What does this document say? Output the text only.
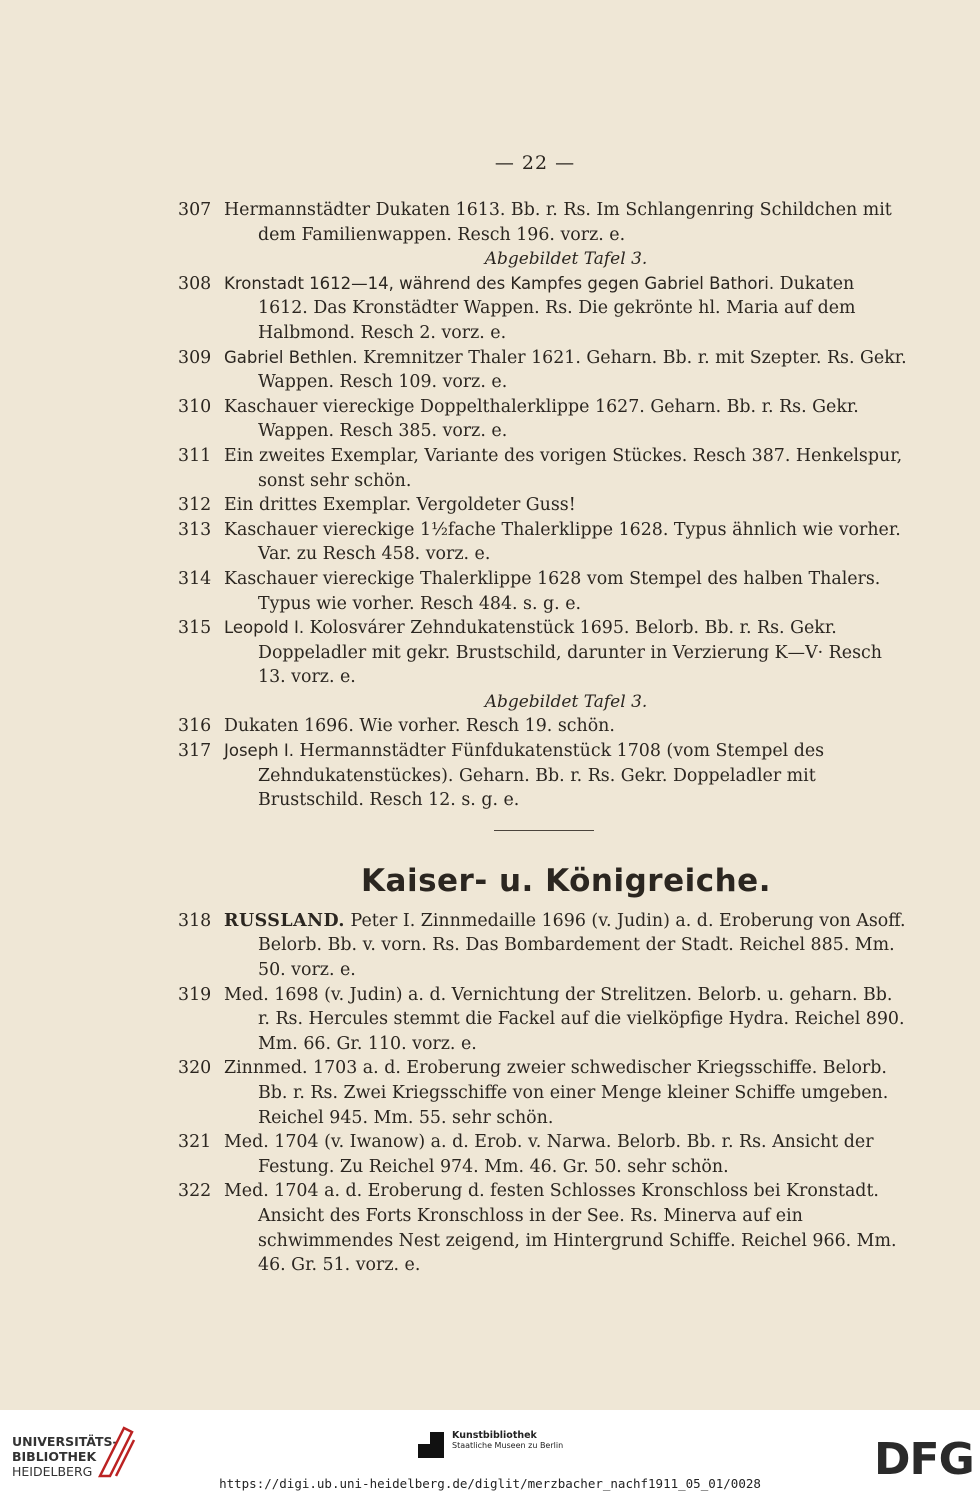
— 22 —
307 Hermannstädter Dukaten 1613. Bb. r. Rs. Im Schlangenring Schildchen mit dem Familienwappen. Resch 196. vorz. e.
Abgebildet Tafel 3.
308 Kronstadt 1612—14, während des Kampfes gegen Gabriel Bathori. Dukaten 1612. Das Kronstädter Wappen. Rs. Die gekrönte hl. Maria auf dem Halbmond. Resch 2. vorz. e.
309 Gabriel Bethlen. Kremnitzer Thaler 1621. Geharn. Bb. r. mit Szepter. Rs. Gekr. Wappen. Resch 109. vorz. e.
310 Kaschauer viereckige Doppelthalerklippe 1627. Geharn. Bb. r. Rs. Gekr. Wappen. Resch 385. vorz. e.
311 Ein zweites Exemplar, Variante des vorigen Stückes. Resch 387. Henkelspur, sonst sehr schön.
312 Ein drittes Exemplar. Vergoldeter Guss!
313 Kaschauer viereckige 1½fache Thalerklippe 1628. Typus ähnlich wie vorher. Var. zu Resch 458. vorz. e.
314 Kaschauer viereckige Thalerklippe 1628 vom Stempel des halben Thalers. Typus wie vorher. Resch 484. s. g. e.
315 Leopold I. Kolosvárer Zehndukatenstück 1695. Belorb. Bb. r. Rs. Gekr. Doppeladler mit gekr. Brustschild, darunter in Verzierung K—V· Resch 13. vorz. e.
Abgebildet Tafel 3.
316 Dukaten 1696. Wie vorher. Resch 19. schön.
317 Joseph I. Hermannstädter Fünfdukatenstück 1708 (vom Stempel des Zehndukatenstückes). Geharn. Bb. r. Rs. Gekr. Doppeladler mit Brustschild. Resch 12. s. g. e.
Kaiser- u. Königreiche.
318 RUSSLAND. Peter I. Zinnmedaille 1696 (v. Judin) a. d. Eroberung von Asoff. Belorb. Bb. v. vorn. Rs. Das Bombardement der Stadt. Reichel 885. Mm. 50. vorz. e.
319 Med. 1698 (v. Judin) a. d. Vernichtung der Strelitzen. Belorb. u. geharn. Bb. r. Rs. Hercules stemmt die Fackel auf die vielköpfige Hydra. Reichel 890. Mm. 66. Gr. 110. vorz. e.
320 Zinnmed. 1703 a. d. Eroberung zweier schwedischer Kriegsschiffe. Belorb. Bb. r. Rs. Zwei Kriegsschiffe von einer Menge kleiner Schiffe umgeben. Reichel 945. Mm. 55. sehr schön.
321 Med. 1704 (v. Iwanow) a. d. Erob. v. Narwa. Belorb. Bb. r. Rs. Ansicht der Festung. Zu Reichel 974. Mm. 46. Gr. 50. sehr schön.
322 Med. 1704 a. d. Eroberung d. festen Schlosses Kronschloss bei Kronstadt. Ansicht des Forts Kronschloss in der See. Rs. Minerva auf ein schwimmendes Nest zeigend, im Hintergrund Schiffe. Reichel 966. Mm. 46. Gr. 51. vorz. e.
UNIVERSITÄTS-
BIBLIOTHEK
HEIDELBERG
Kunstbibliothek
Staatliche Museen zu Berlin	DFG
https://digi.ub.uni-heidelberg.de/diglit/merzbacher_nachf1911_05_01/0028
